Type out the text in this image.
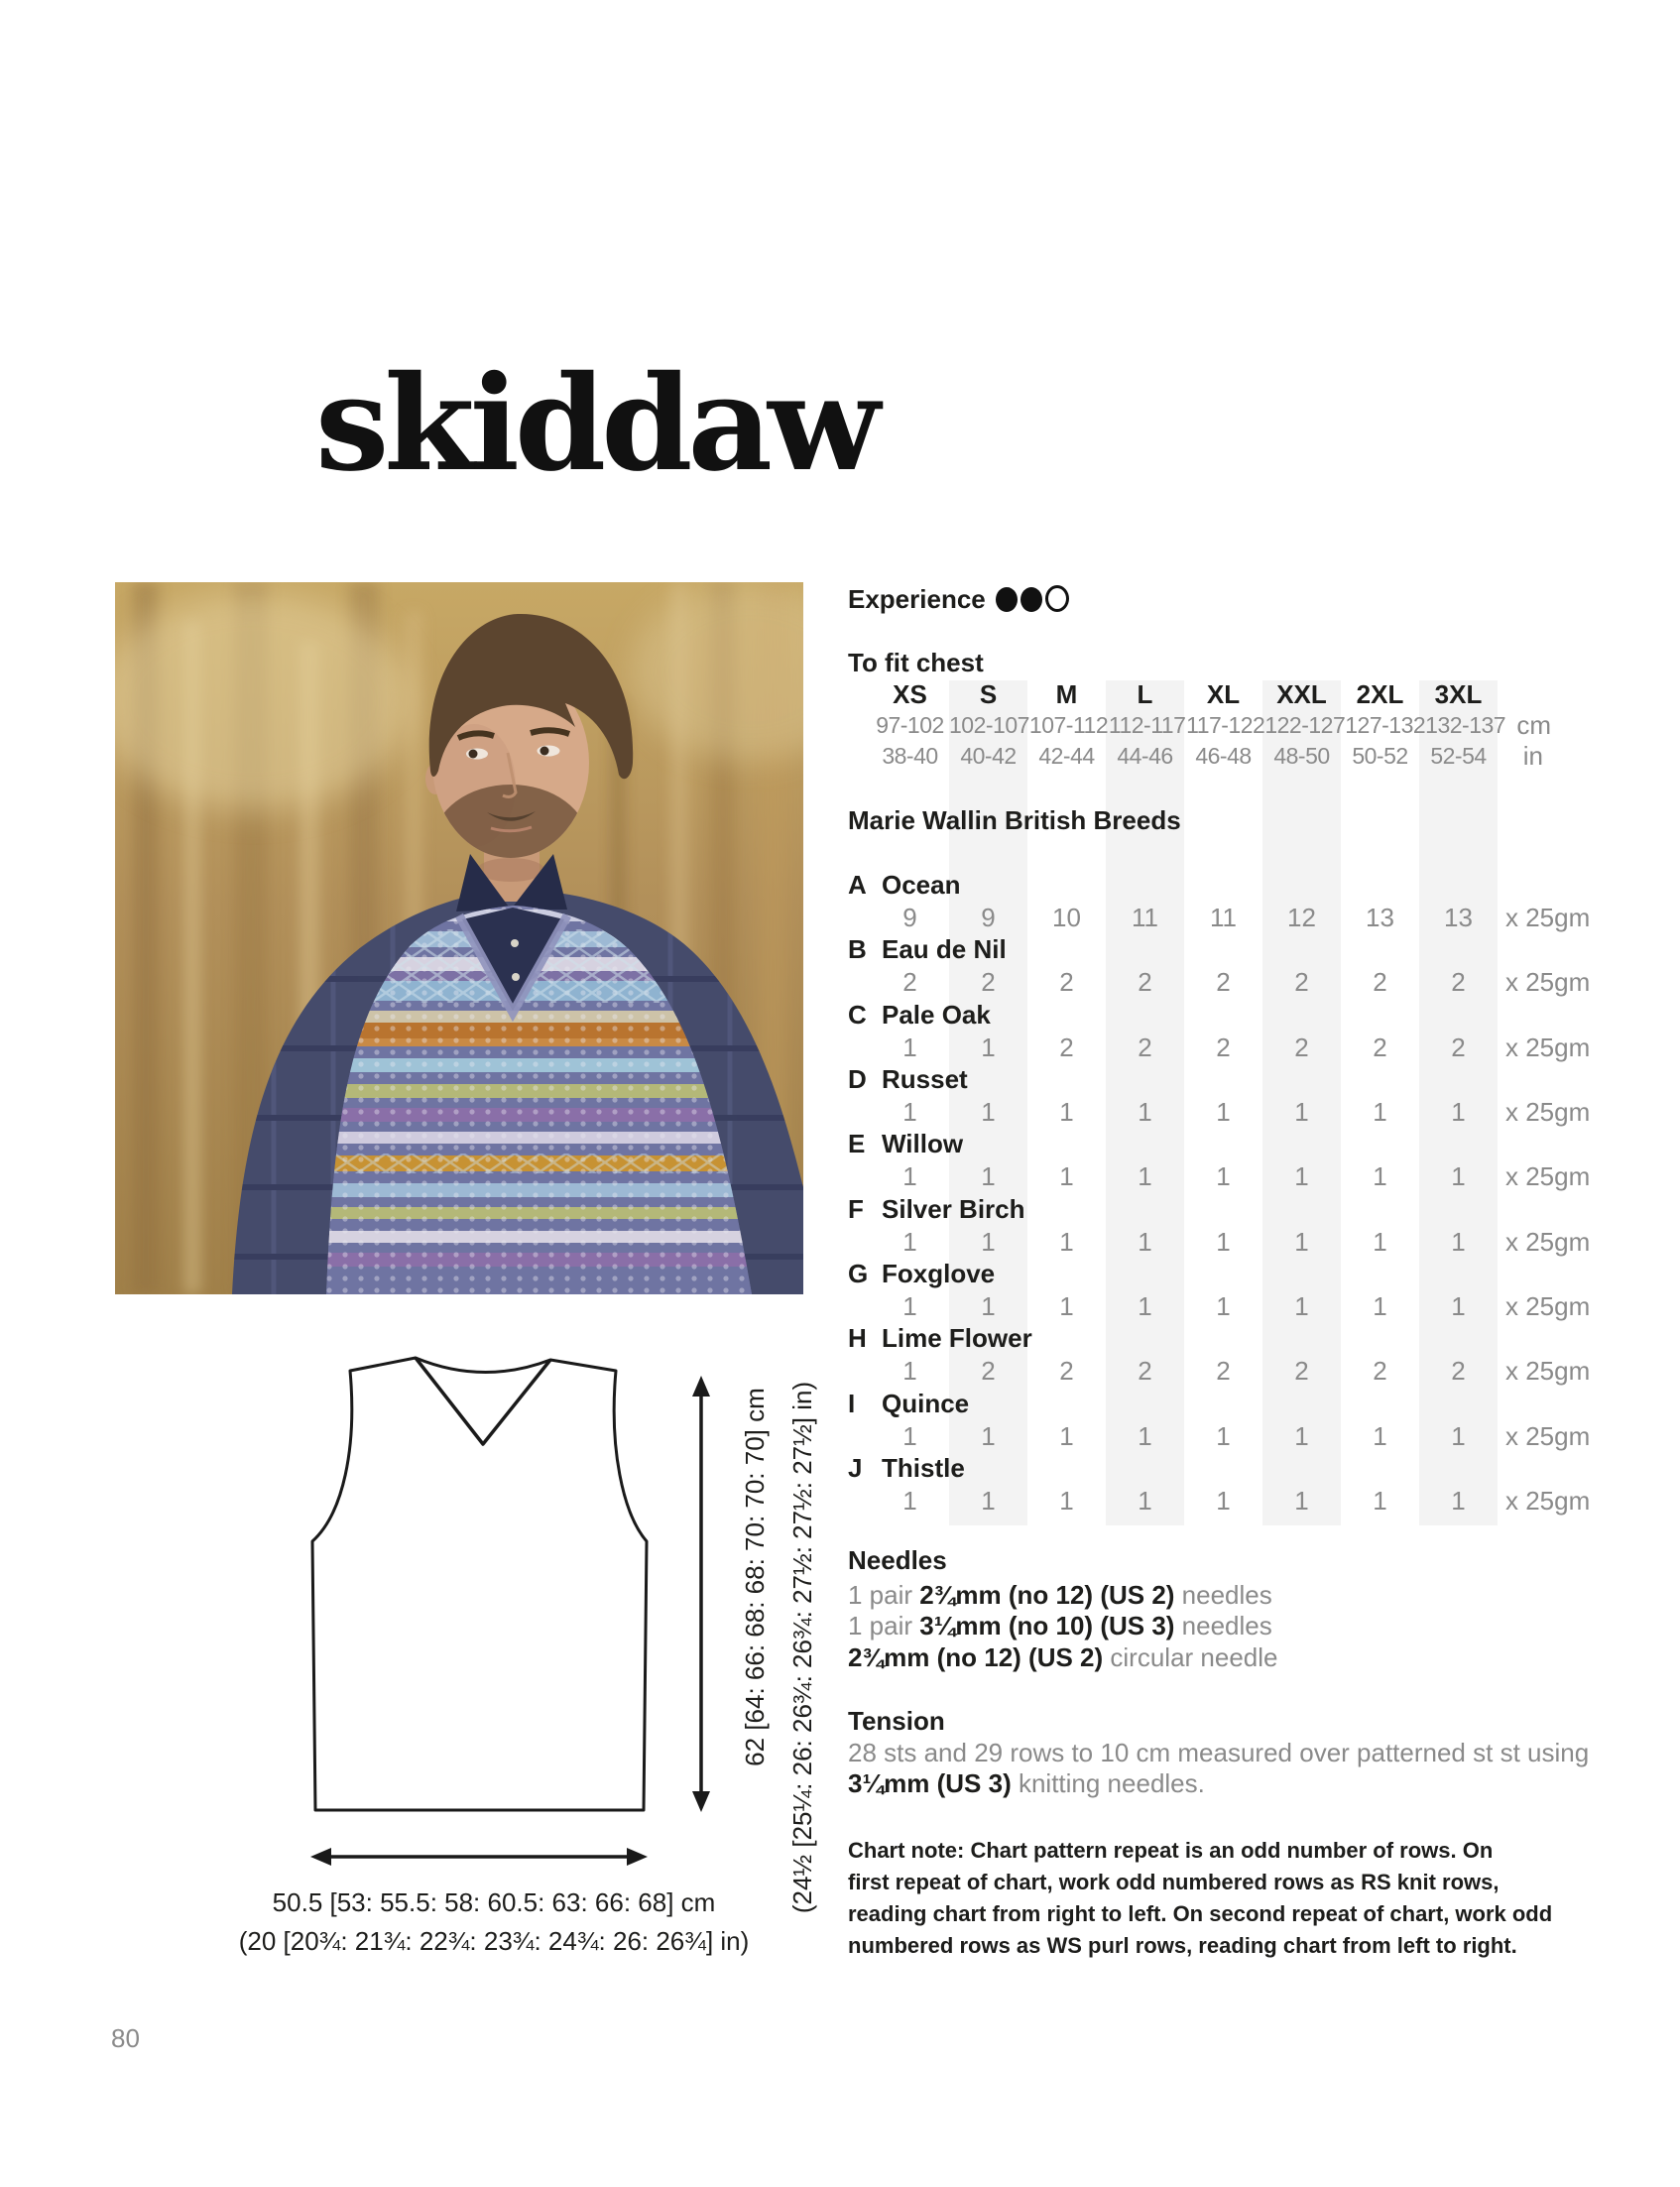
skiddaw
Experience
To fit chest
XS	S	M	L	XL	XXL	2XL	3XL
97-102 102-107 107-112 112-117 117-122 122-127 127-132 132-137 cm
38-40 40-42 42-44 44-46 46-48 48-50 50-52 52-54	in
Marie Wallin British Breeds
A Ocean
9	9	10	11	11	12	13	13	x 25gm
B Eau de Nil
2	2	2	2	2	2	2	2	x 25gm
C Pale Oak
1	1	2	2	2	2	2	2	x 25gm
D Russet
1	1	1	1	1	1	1	1	x 25gm
E Willow
1	1	1	1	1	1	1	1	x 25gm
F Silver Birch
1	1	1	1	1	1	1	1	x 25gm
G Foxglove
1	1	1	1	1	1	1	1	x 25gm
H Lime Flower
1	2	2	2	2	2	2	2	x 25gm
I Quince
1	1	1	1	1	1	1	1	x 25gm
J Thistle
1	1	1	1	1	1	1	1	x 25gm
Needles
1 pair 2¾mm (no 12) (US 2) needles
1 pair 3¼mm (no 10) (US 3) needles
2¾mm (no 12) (US 2) circular needle
Tension
28 sts and 29 rows to 10 cm measured over patterned st st using
3¼mm (US 3) knitting needles.
Chart note: Chart pattern repeat is an odd number of rows. On
first repeat of chart, work odd numbered rows as RS knit rows,
reading chart from right to left. On second repeat of chart, work odd
numbered rows as WS purl rows, reading chart from left to right.
62 [64: 66: 68: 68: 70: 70: 70] cm (24½ [25¼: 26: 26¾: 26¾: 27½: 27½: 27½] in)
50.5 [53: 55.5: 58: 60.5: 63: 66: 68] cm
(20 [20¾: 21¾: 22¾: 23¾: 24¾: 26: 26¾] in)
80
